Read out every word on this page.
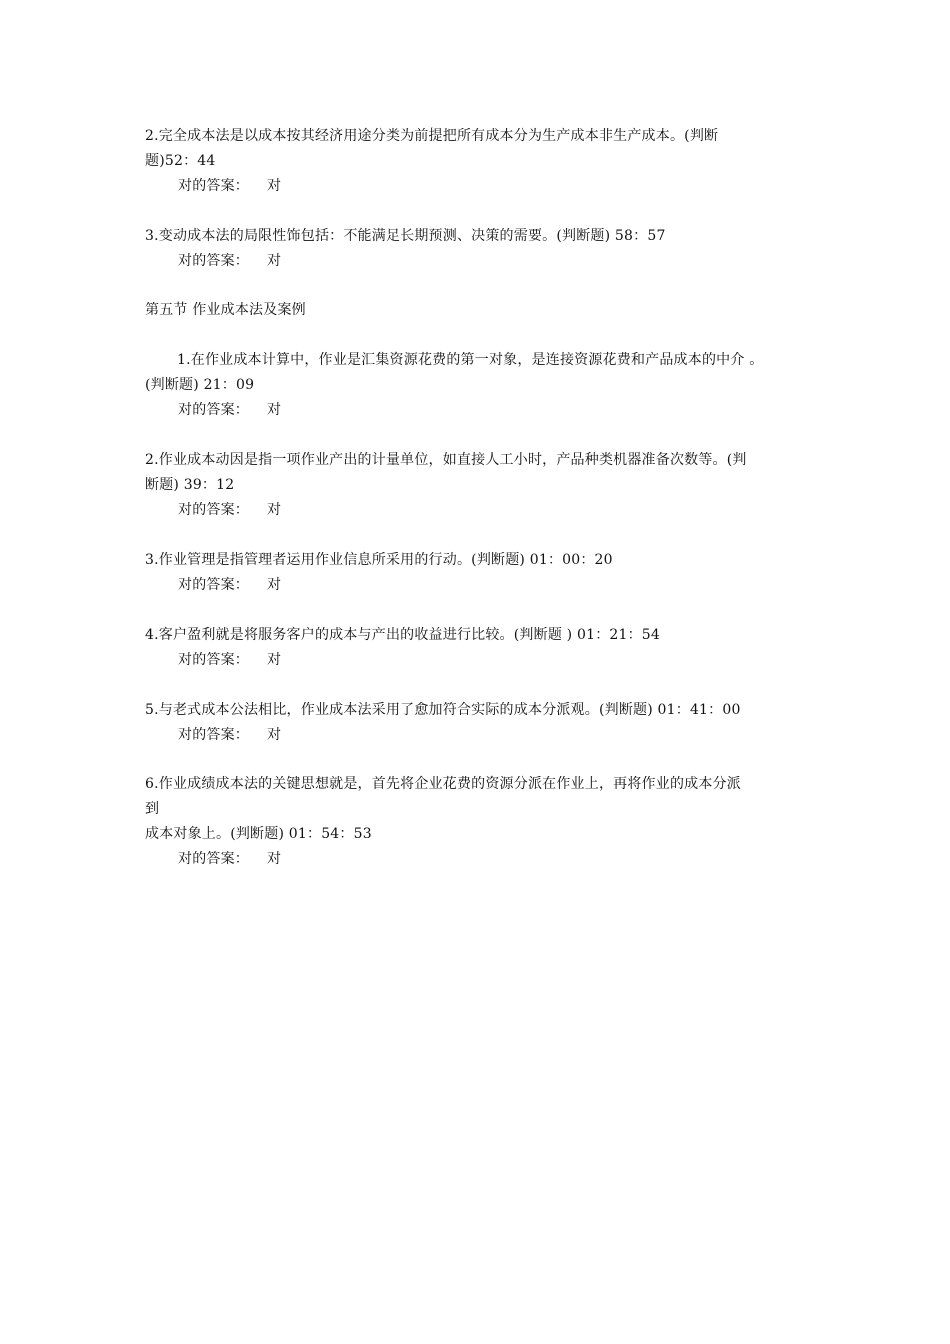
2.完全成本法是以成本按其经济用途分类为前提把所有成本分为生产成本非生产成本。(判断
题)52：44
对的答案： 对
3.变动成本法的局限性饰包括：不能满足长期预测、决策的需要。(判断题) 58：57
对的答案： 对
第五节 作业成本法及案例
1.在作业成本计算中，作业是汇集资源花费的第一对象，是连接资源花费和产品成本的中介 。
(判断题) 21：09
对的答案： 对
2.作业成本动因是指一项作业产出的计量单位，如直接人工小时，产品种类机器准备次数等。(判
断题) 39：12
对的答案： 对
3.作业管理是指管理者运用作业信息所采用的行动。(判断题) 01：00：20
对的答案： 对
4.客户盈利就是将服务客户的成本与产出的收益进行比较。(判断题 ) 01：21：54
对的答案： 对
5.与老式成本公法相比，作业成本法采用了愈加符合实际的成本分派观。(判断题) 01：41：00
对的答案： 对
6.作业成绩成本法的关键思想就是，首先将企业花费的资源分派在作业上，再将作业的成本分派
到
成本对象上。(判断题) 01：54：53
对的答案： 对
